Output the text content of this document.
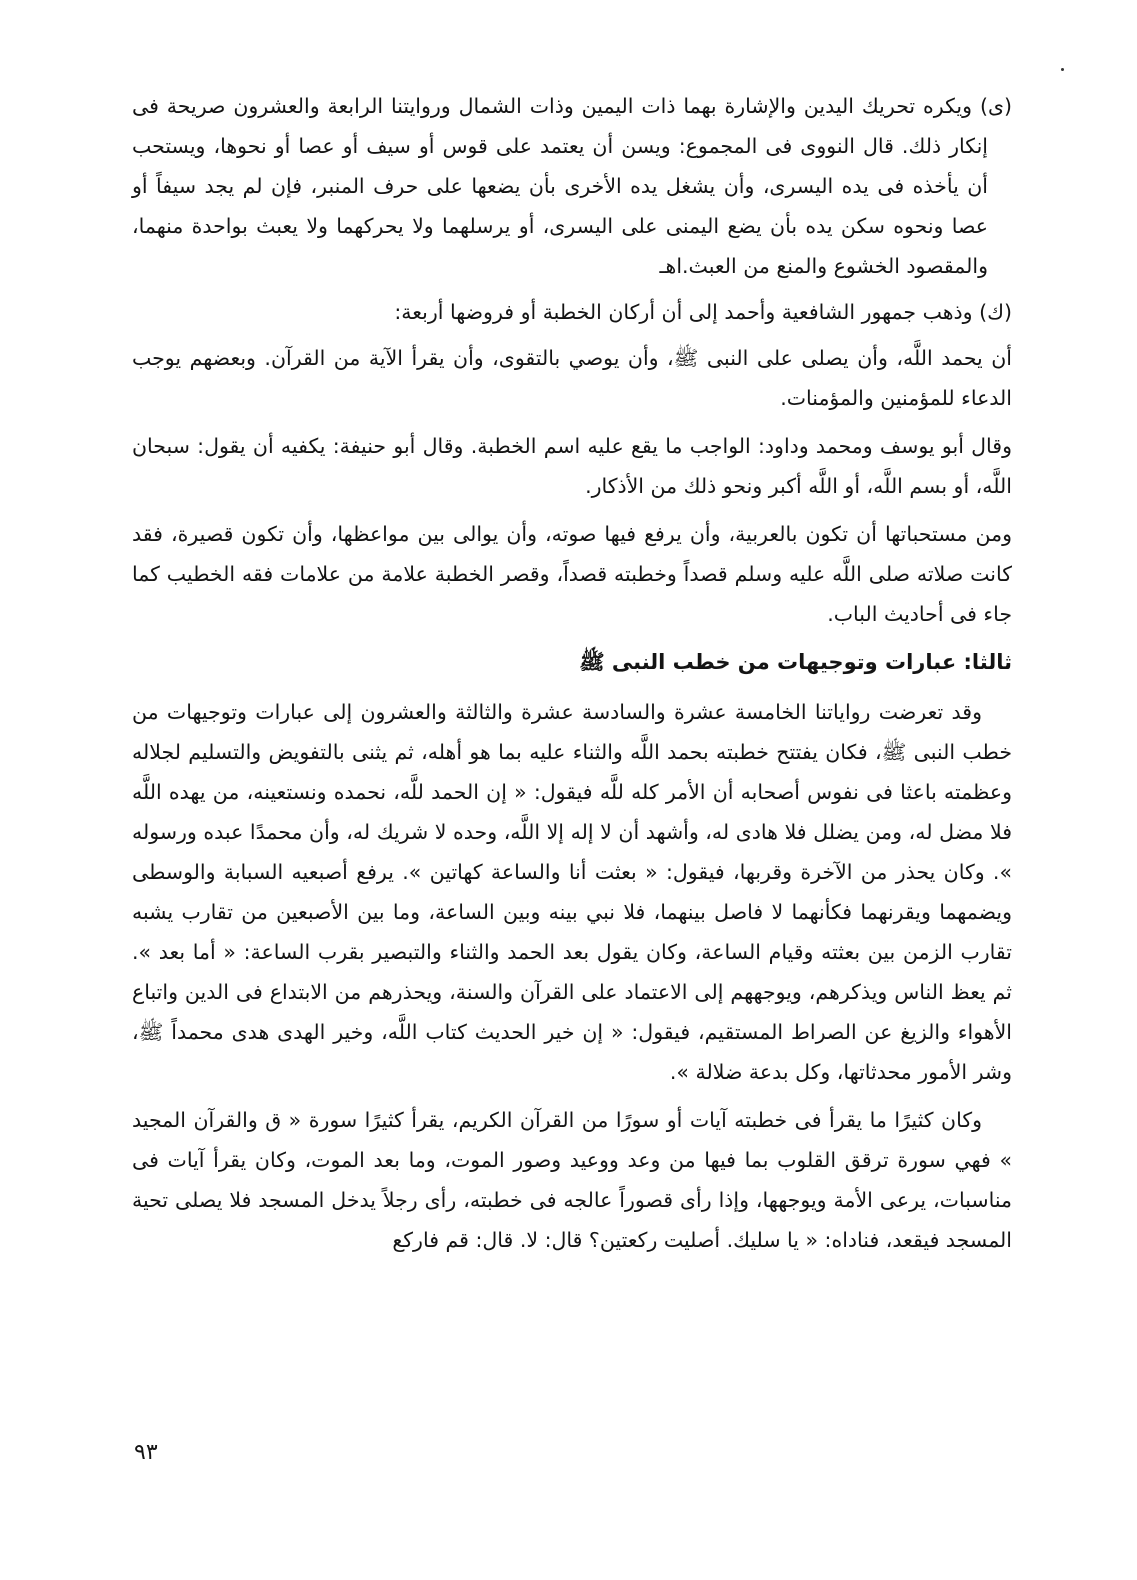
(ى) ويكره تحريك اليدين والإشارة بهما ذات اليمين وذات الشمال وروايتنا الرابعة والعشرون صريحة فى إنكار ذلك. قال النووى فى المجموع: ويسن أن يعتمد على قوس أو سيف أو عصا أو نحوها، ويستحب أن يأخذه فى يده اليسرى، وأن يشغل يده الأخرى بأن يضعها على حرف المنبر، فإن لم يجد سيفاً أو عصا ونحوه سكن يده بأن يضع اليمنى على اليسرى، أو يرسلهما ولا يحركهما ولا يعبث بواحدة منهما، والمقصود الخشوع والمنع من العبث.اهـ

(ك) وذهب جمهور الشافعية وأحمد إلى أن أركان الخطبة أو فروضها أربعة:

أن يحمد اللَّه، وأن يصلى على النبى ﷺ، وأن يوصي بالتقوى، وأن يقرأ الآية من القرآن. وبعضهم يوجب الدعاء للمؤمنين والمؤمنات.

وقال أبو يوسف ومحمد وداود: الواجب ما يقع عليه اسم الخطبة. وقال أبو حنيفة: يكفيه أن يقول: سبحان اللَّه، أو بسم اللَّه، أو اللَّه أكبر ونحو ذلك من الأذكار.

ومن مستحباتها أن تكون بالعربية، وأن يرفع فيها صوته، وأن يوالى بين مواعظها، وأن تكون قصيرة، فقد كانت صلاته صلى اللَّه عليه وسلم قصداً وخطبته قصداً، وقصر الخطبة علامة من علامات فقه الخطيب كما جاء فى أحاديث الباب.

ثالثا: عبارات وتوجيهات من خطب النبى ﷺ

وقد تعرضت رواياتنا الخامسة عشرة والسادسة عشرة والثالثة والعشرون إلى عبارات وتوجيهات من خطب النبى ﷺ، فكان يفتتح خطبته بحمد اللَّه والثناء عليه بما هو أهله، ثم يثنى بالتفويض والتسليم لجلاله وعظمته باعثا فى نفوس أصحابه أن الأمر كله للَّه فيقول: « إن الحمد للَّه، نحمده ونستعينه، من يهده اللَّه فلا مضل له، ومن يضلل فلا هادى له، وأشهد أن لا إله إلا اللَّه، وحده لا شريك له، وأن محمدًا عبده ورسوله ». وكان يحذر من الآخرة وقربها، فيقول: « بعثت أنا والساعة كهاتين ». يرفع أصبعيه السبابة والوسطى ويضمهما ويقرنهما فكأنهما لا فاصل بينهما، فلا نبي بينه وبين الساعة، وما بين الأصبعين من تقارب يشبه تقارب الزمن بين بعثته وقيام الساعة، وكان يقول بعد الحمد والثناء والتبصير بقرب الساعة: « أما بعد ». ثم يعظ الناس ويذكرهم، ويوجههم إلى الاعتماد على القرآن والسنة، ويحذرهم من الابتداع فى الدين واتباع الأهواء والزيغ عن الصراط المستقيم، فيقول: « إن خير الحديث كتاب اللَّه، وخير الهدى هدى محمداً ﷺ، وشر الأمور محدثاتها، وكل بدعة ضلالة ».

وكان كثيرًا ما يقرأ فى خطبته آيات أو سورًا من القرآن الكريم، يقرأ كثيرًا سورة « ق والقرآن المجيد » فهي سورة ترقق القلوب بما فيها من وعد ووعيد وصور الموت، وما بعد الموت، وكان يقرأ آيات فى مناسبات، يرعى الأمة ويوجهها، وإذا رأى قصوراً عالجه فى خطبته، رأى رجلاً يدخل المسجد فلا يصلى تحية المسجد فيقعد، فناداه: « يا سليك. أصليت ركعتين؟ قال: لا. قال: قم فاركع

٩٣
